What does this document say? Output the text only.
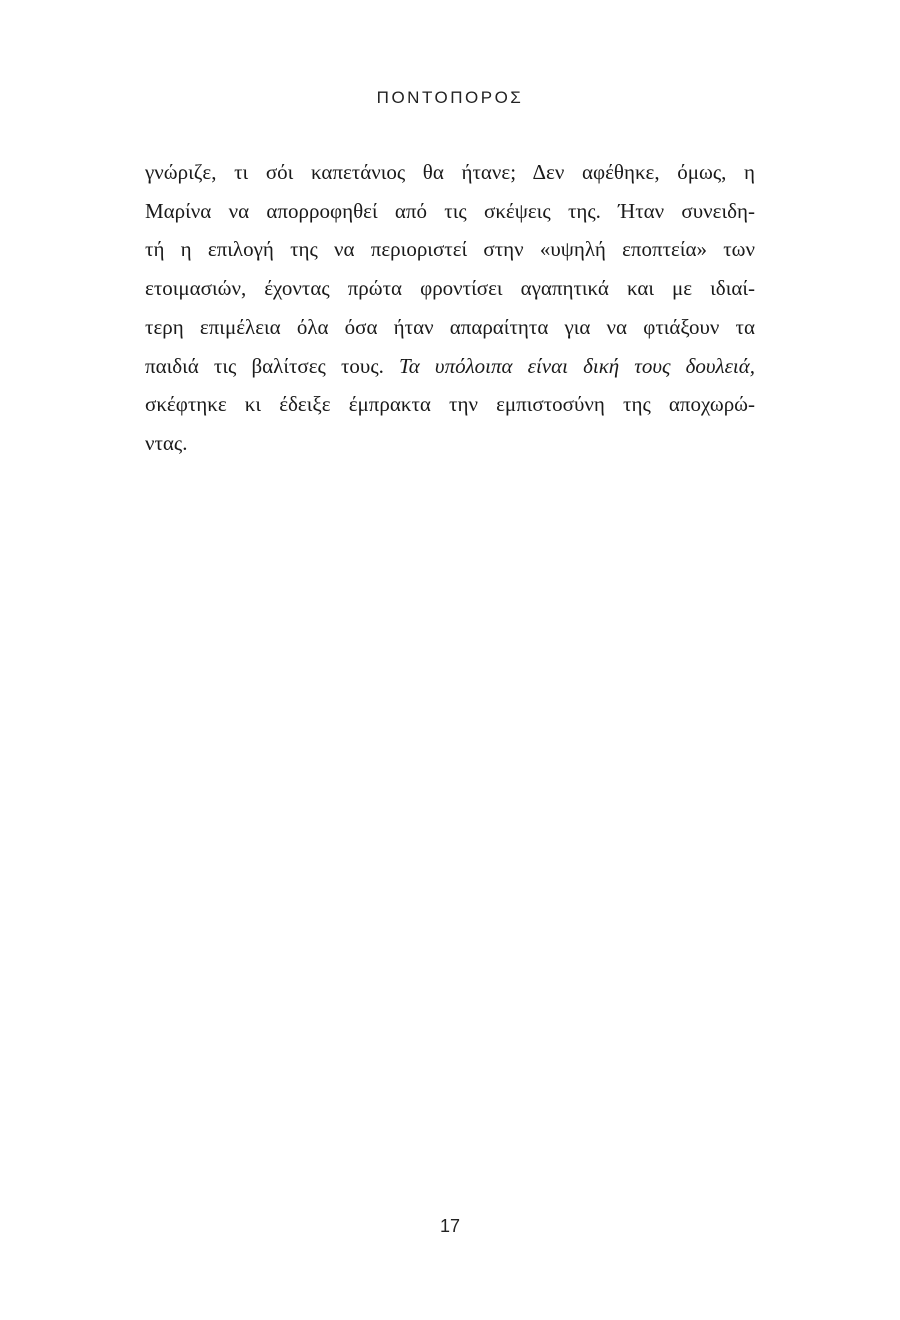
ΠΟΝΤΟΠΟΡΟΣ
γνώριζε, τι σόι καπετάνιος θα ήτανε; Δεν αφέθηκε, όμως, η
Μαρίνα να απορροφηθεί από τις σκέψεις της. Ήταν συνειδη-
τή η επιλογή της να περιοριστεί στην «υψηλή εποπτεία» των
ετοιμασιών, έχοντας πρώτα φροντίσει αγαπητικά και με ιδιαί-
τερη επιμέλεια όλα όσα ήταν απαραίτητα για να φτιάξουν τα
παιδιά τις βαλίτσες τους. Τα υπόλοιπα είναι δική τους δουλειά,
σκέφτηκε κι έδειξε έμπρακτα την εμπιστοσύνη της αποχωρώ-
ντας.
17
